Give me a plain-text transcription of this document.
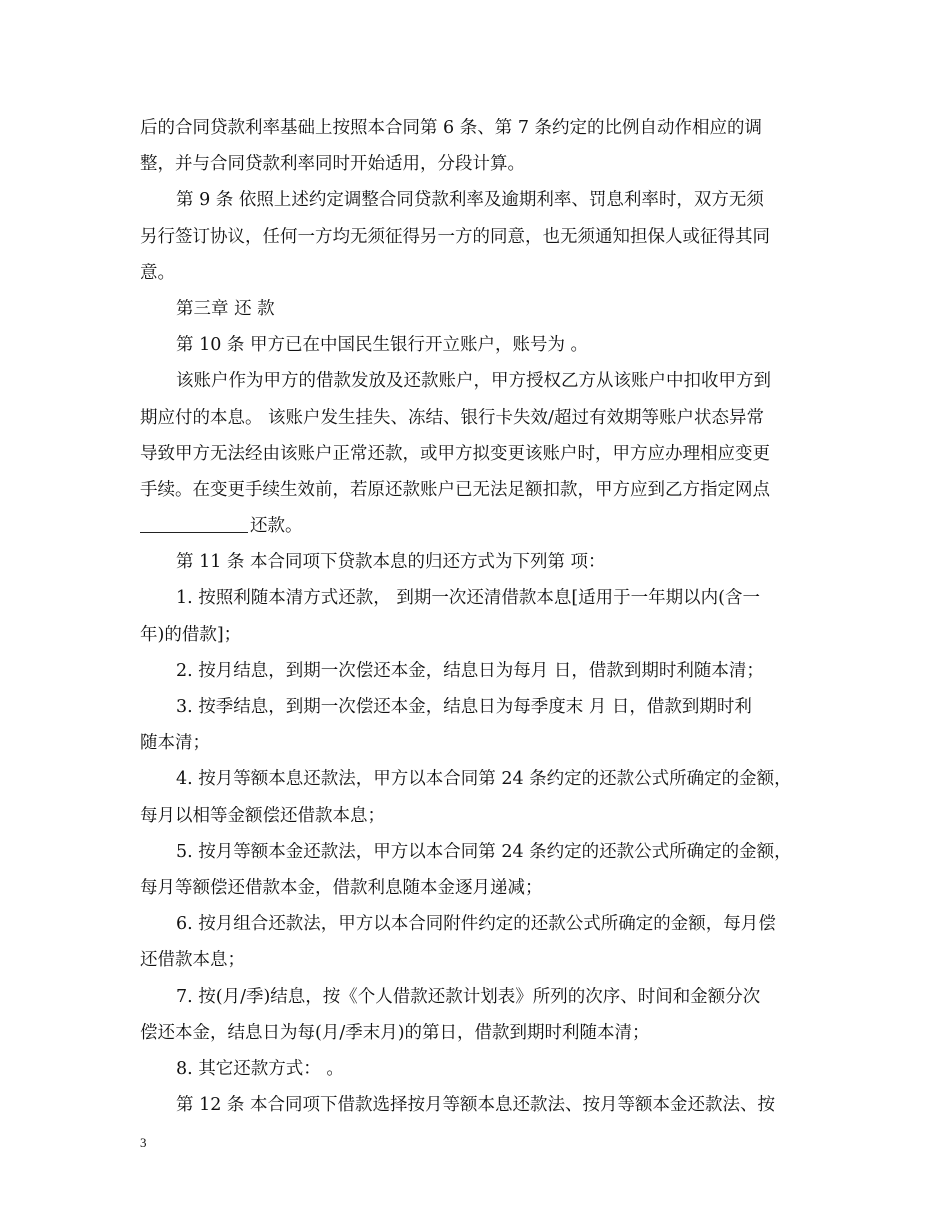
后的合同贷款利率基础上按照本合同第 6 条、第 7 条约定的比例自动作相应的调
整，并与合同贷款利率同时开始适用，分段计算。
第 9 条 依照上述约定调整合同贷款利率及逾期利率、罚息利率时，双方无须
另行签订协议，任何一方均无须征得另一方的同意，也无须通知担保人或征得其同
意。
第三章 还 款
第 10 条 甲方已在中国民生银行开立账户，账号为 。
该账户作为甲方的借款发放及还款账户，甲方授权乙方从该账户中扣收甲方到
期应付的本息。 该账户发生挂失、冻结、银行卡失效/超过有效期等账户状态异常
导致甲方无法经由该账户正常还款，或甲方拟变更该账户时，甲方应办理相应变更
手续。在变更手续生效前，若原还款账户已无法足额扣款，甲方应到乙方指定网点
还款。
第 11 条 本合同项下贷款本息的归还方式为下列第 项：
1. 按照利随本清方式还款， 到期一次还清借款本息[适用于一年期以内(含一
年)的借款]；
2. 按月结息，到期一次偿还本金，结息日为每月 日，借款到期时利随本清；
3. 按季结息，到期一次偿还本金，结息日为每季度末 月 日，借款到期时利
随本清；
4. 按月等额本息还款法，甲方以本合同第 24 条约定的还款公式所确定的金额，
每月以相等金额偿还借款本息；
5. 按月等额本金还款法，甲方以本合同第 24 条约定的还款公式所确定的金额，
每月等额偿还借款本金，借款利息随本金逐月递减；
6. 按月组合还款法，甲方以本合同附件约定的还款公式所确定的金额，每月偿
还借款本息；
7. 按(月/季)结息，按《个人借款还款计划表》所列的次序、时间和金额分次
偿还本金，结息日为每(月/季末月)的第日，借款到期时利随本清；
8. 其它还款方式： 。
第 12 条 本合同项下借款选择按月等额本息还款法、按月等额本金还款法、按
3
